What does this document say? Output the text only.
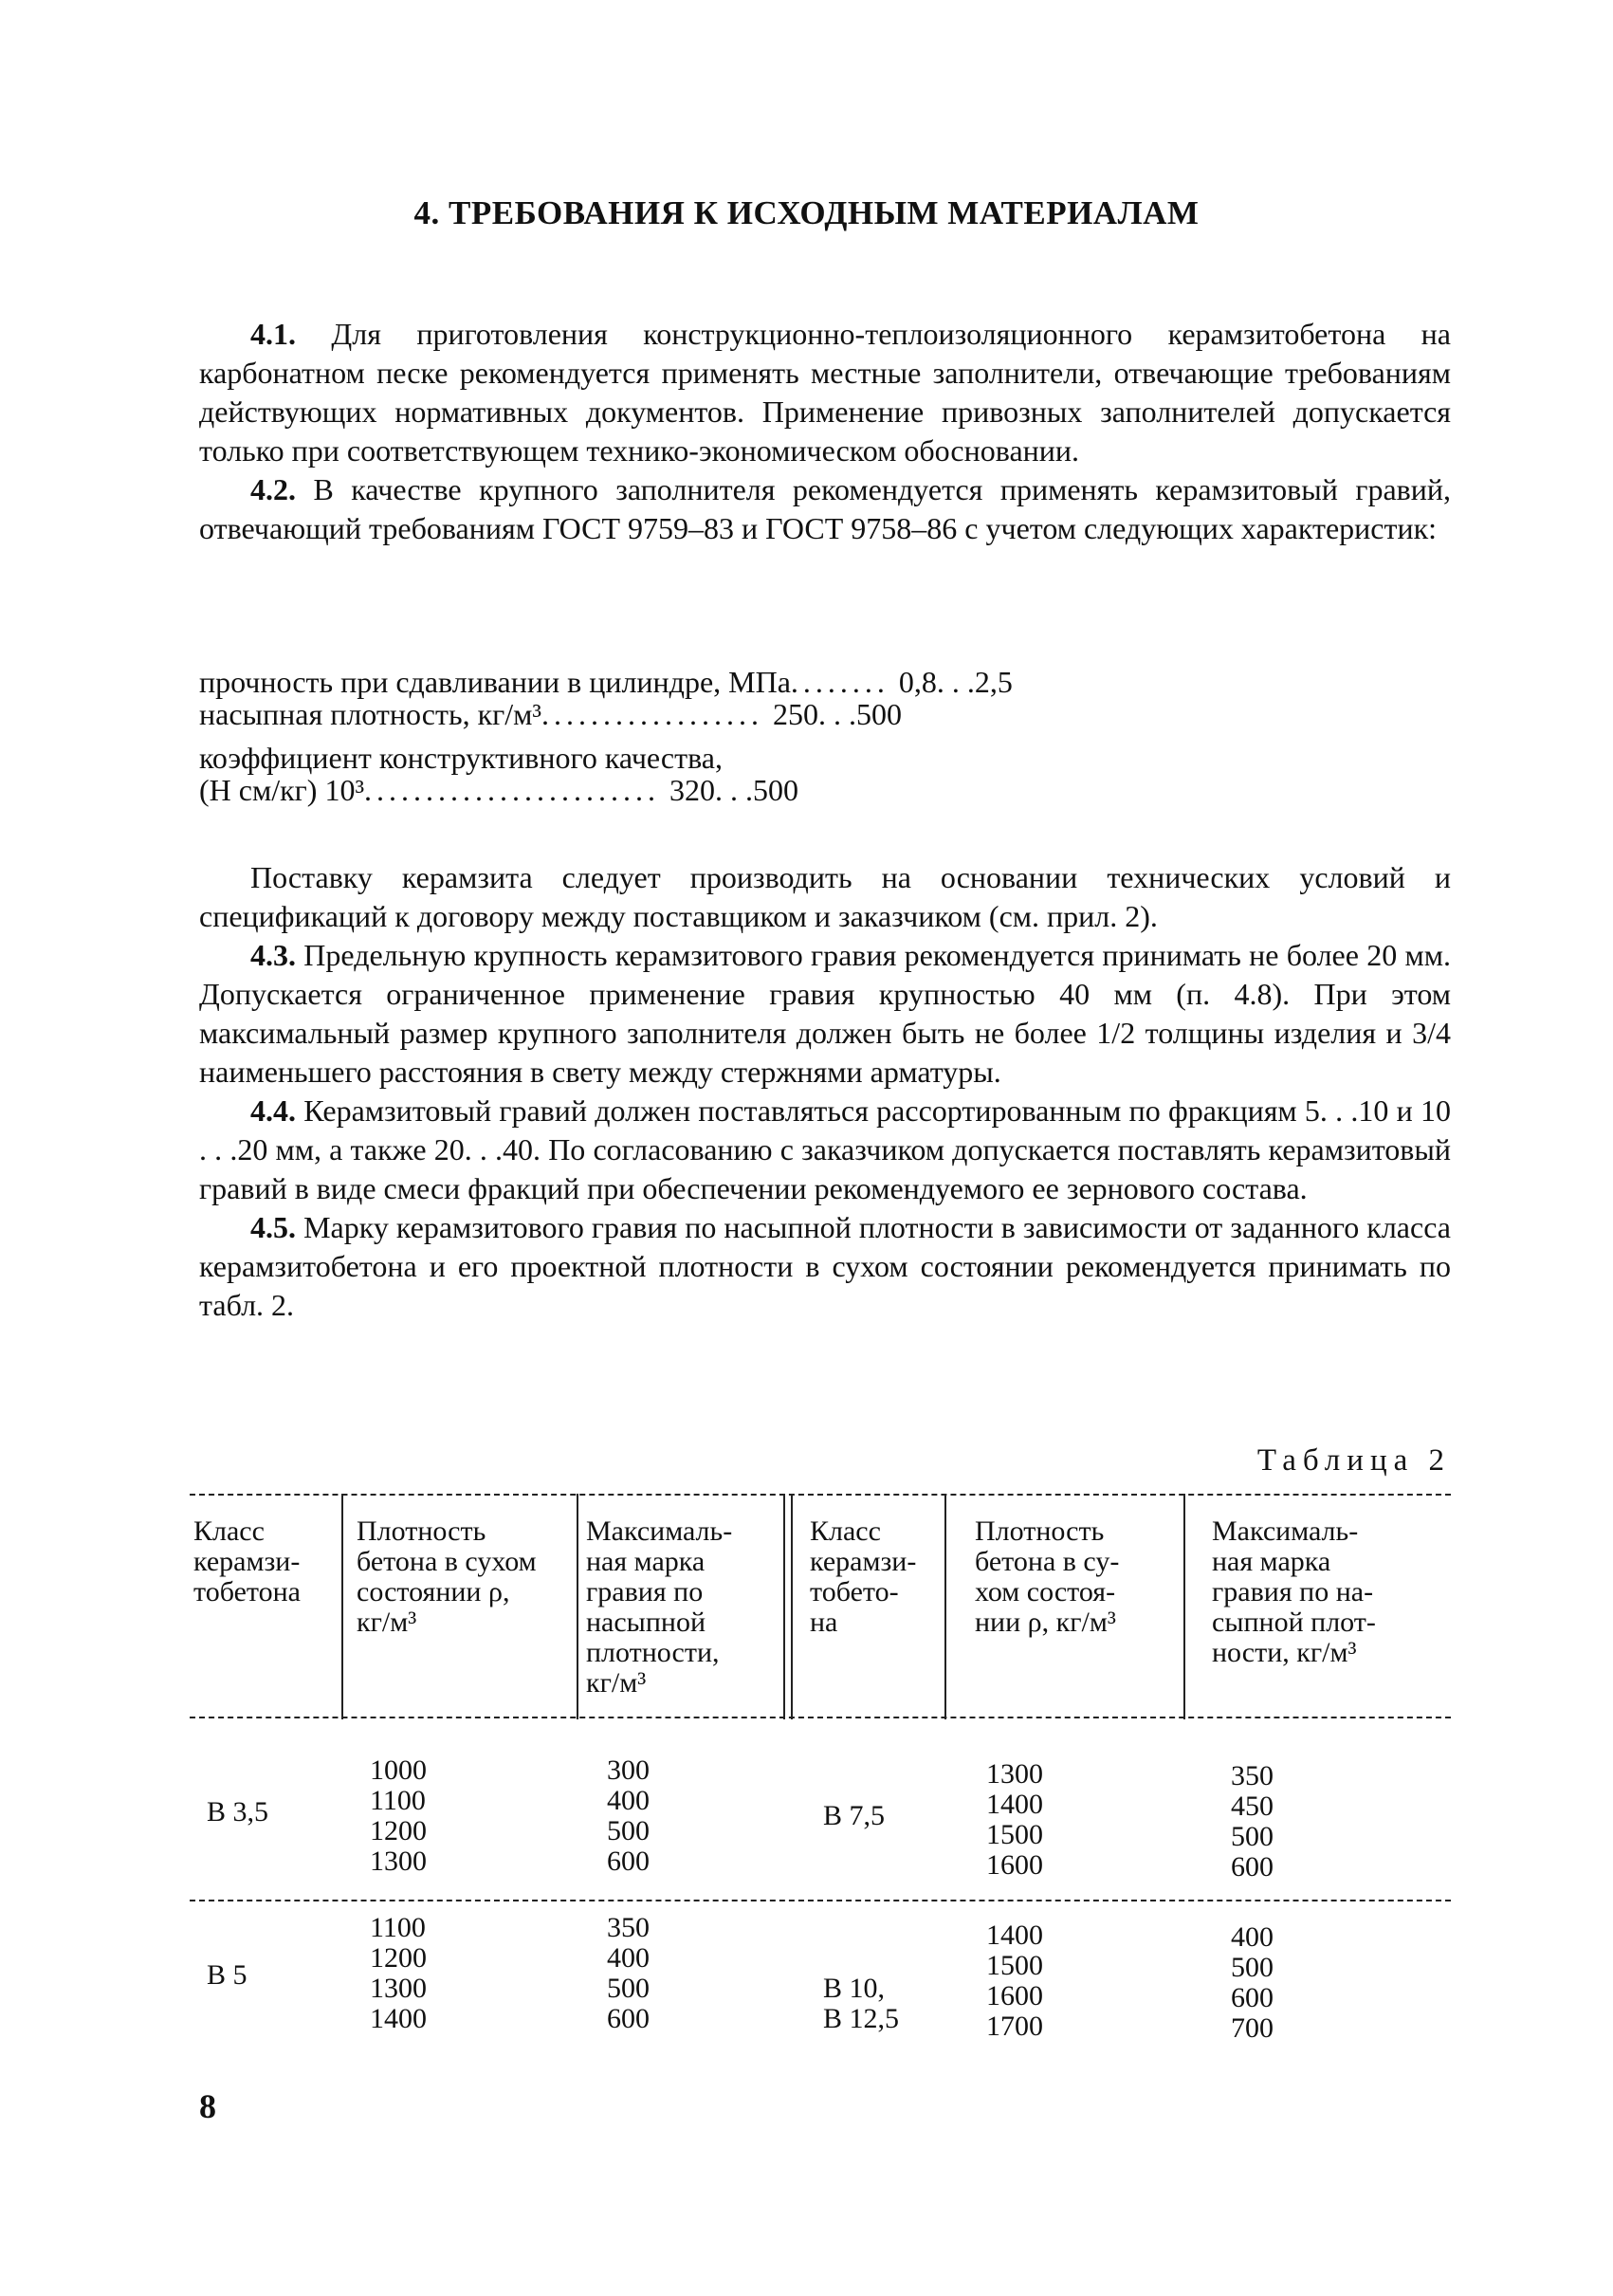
4. ТРЕБОВАНИЯ К ИСХОДНЫМ МАТЕРИАЛАМ

4.1. Для приготовления конструкционно-теплоизоляционного керамзитобетона на карбонатном песке рекомендуется применять местные заполнители, отвечающие требованиям действующих нормативных документов. Применение привозных заполнителей допускается только при соответствующем технико-экономическом обосновании.

4.2. В качестве крупного заполнителя рекомендуется применять керамзитовый гравий, отвечающий требованиям ГОСТ 9759–83 и ГОСТ 9758–86 с учетом следующих характеристик:

прочность при сдавливании в цилиндре, МПа ........ 0,8. . .2,5
насыпная плотность, кг/м³ .................. 250. . .500
коэффициент конструктивного качества,
(Н см/кг) 10³ ........................ 320. . .500

Поставку керамзита следует производить на основании технических условий и спецификаций к договору между поставщиком и заказчиком (см. прил. 2).

4.3. Предельную крупность керамзитового гравия рекомендуется принимать не более 20 мм. Допускается ограниченное применение гравия крупностью 40 мм (п. 4.8). При этом максимальный размер крупного заполнителя должен быть не более 1/2 толщины изделия и 3/4 наименьшего расстояния в свету между стержнями арматуры.

4.4. Керамзитовый гравий должен поставляться рассортированным по фракциям 5. . .10 и 10 . . .20 мм, а также 20. . .40. По согласованию с заказчиком допускается поставлять керамзитовый гравий в виде смеси фракций при обеспечении рекомендуемого ее зернового состава.

4.5. Марку керамзитового гравия по насыпной плотности в зависимости от заданного класса керамзитобетона и его проектной плотности в сухом состоянии рекомендуется принимать по табл. 2.

Таблица 2
Класс
керамзи-
тобетона
Плотность
бетона в сухом
состоянии ρ,
кг/м³
Максималь-
ная марка
гравия по
насыпной
плотности,
кг/м³
Класс
керамзи-
тобето-
на
Плотность
бетона в су-
хом состоя-
нии ρ, кг/м³
Максималь-
ная марка
гравия по на-
сыпной плот-
ности, кг/м³
В 3,5
1000
1100
1200
1300
300
400
500
600
В 7,5
1300
1400
1500
1600
350
450
500
600
В 5
1100
1200
1300
1400
350
400
500
600
В 10,
В 12,5
1400
1500
1600
1700
400
500
600
700
8
